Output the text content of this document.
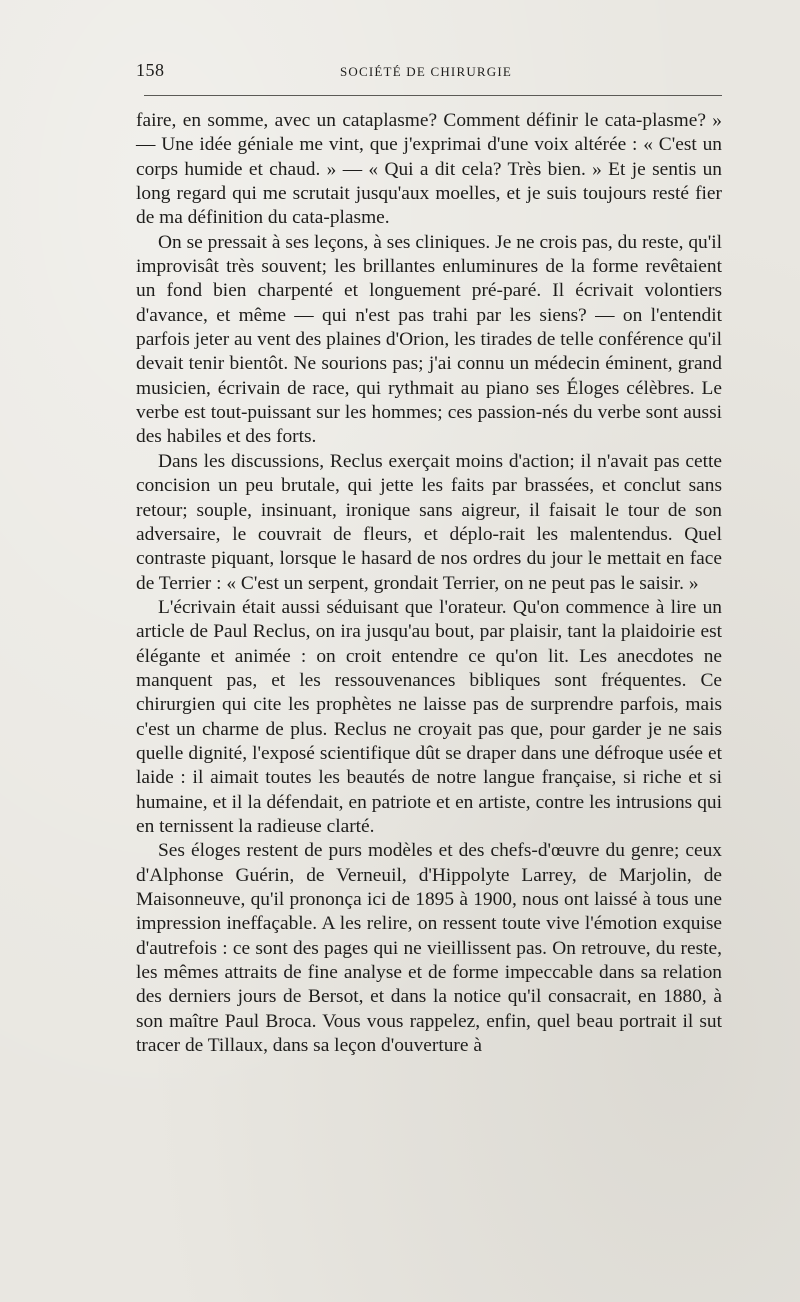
158	SOCIÉTÉ DE CHIRURGIE

faire, en somme, avec un cataplasme? Comment définir le cata-plasme? » — Une idée géniale me vint, que j'exprimai d'une voix altérée : « C'est un corps humide et chaud. » — « Qui a dit cela? Très bien. » Et je sentis un long regard qui me scrutait jusqu'aux moelles, et je suis toujours resté fier de ma définition du cata-plasme.

On se pressait à ses leçons, à ses cliniques. Je ne crois pas, du reste, qu'il improvisât très souvent; les brillantes enluminures de la forme revêtaient un fond bien charpenté et longuement pré-paré. Il écrivait volontiers d'avance, et même — qui n'est pas trahi par les siens? — on l'entendit parfois jeter au vent des plaines d'Orion, les tirades de telle conférence qu'il devait tenir bientôt. Ne sourions pas; j'ai connu un médecin éminent, grand musicien, écrivain de race, qui rythmait au piano ses Éloges célèbres. Le verbe est tout-puissant sur les hommes; ces passion-nés du verbe sont aussi des habiles et des forts.

Dans les discussions, Reclus exerçait moins d'action; il n'avait pas cette concision un peu brutale, qui jette les faits par brassées, et conclut sans retour; souple, insinuant, ironique sans aigreur, il faisait le tour de son adversaire, le couvrait de fleurs, et déplo-rait les malentendus. Quel contraste piquant, lorsque le hasard de nos ordres du jour le mettait en face de Terrier : « C'est un serpent, grondait Terrier, on ne peut pas le saisir. »

L'écrivain était aussi séduisant que l'orateur. Qu'on commence à lire un article de Paul Reclus, on ira jusqu'au bout, par plaisir, tant la plaidoirie est élégante et animée : on croit entendre ce qu'on lit. Les anecdotes ne manquent pas, et les ressouvenances bibliques sont fréquentes. Ce chirurgien qui cite les prophètes ne laisse pas de surprendre parfois, mais c'est un charme de plus. Reclus ne croyait pas que, pour garder je ne sais quelle dignité, l'exposé scientifique dût se draper dans une défroque usée et laide : il aimait toutes les beautés de notre langue française, si riche et si humaine, et il la défendait, en patriote et en artiste, contre les intrusions qui en ternissent la radieuse clarté.

Ses éloges restent de purs modèles et des chefs-d'œuvre du genre; ceux d'Alphonse Guérin, de Verneuil, d'Hippolyte Larrey, de Marjolin, de Maisonneuve, qu'il prononça ici de 1895 à 1900, nous ont laissé à tous une impression ineffaçable. A les relire, on ressent toute vive l'émotion exquise d'autrefois : ce sont des pages qui ne vieillissent pas. On retrouve, du reste, les mêmes attraits de fine analyse et de forme impeccable dans sa relation des derniers jours de Bersot, et dans la notice qu'il consacrait, en 1880, à son maître Paul Broca. Vous vous rappelez, enfin, quel beau portrait il sut tracer de Tillaux, dans sa leçon d'ouverture à
